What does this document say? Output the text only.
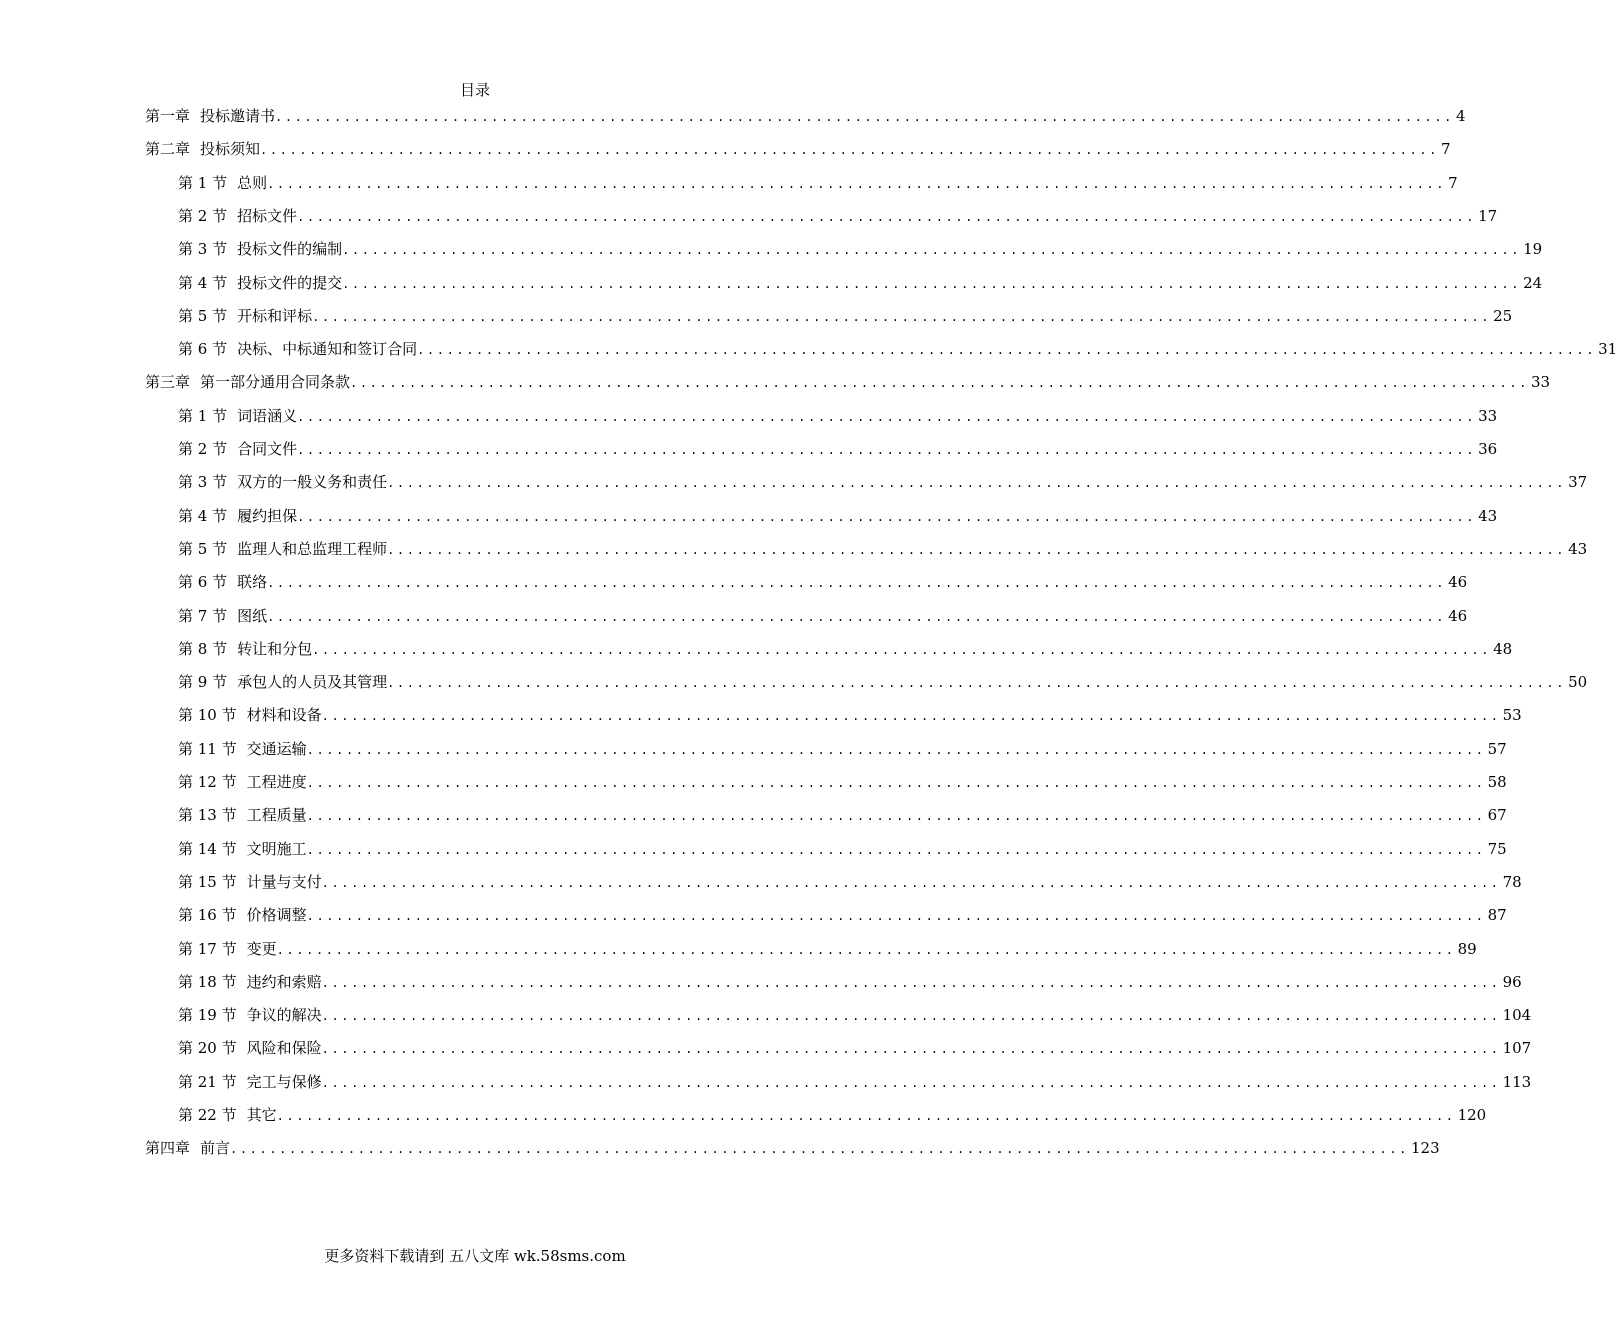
目录
第一章 投标邀请书 ........................................................................................................................ 4
第二章 投标须知 ........................................................................................................................ 7
第 1 节 总则 ........................................................................................................................ 7
第 2 节 招标文件 ........................................................................................................................ 17
第 3 节 投标文件的编制 ........................................................................................................................ 19
第 4 节 投标文件的提交 ........................................................................................................................ 24
第 5 节 开标和评标 ........................................................................................................................ 25
第 6 节 决标、中标通知和签订合同 ........................................................................................................................ 31
第三章 第一部分通用合同条款 ........................................................................................................................ 33
第 1 节 词语涵义 ........................................................................................................................ 33
第 2 节 合同文件 ........................................................................................................................ 36
第 3 节 双方的一般义务和责任 ........................................................................................................................ 37
第 4 节 履约担保 ........................................................................................................................ 43
第 5 节 监理人和总监理工程师 ........................................................................................................................ 43
第 6 节 联络 ........................................................................................................................ 46
第 7 节 图纸 ........................................................................................................................ 46
第 8 节 转让和分包 ........................................................................................................................ 48
第 9 节 承包人的人员及其管理 ........................................................................................................................ 50
第 10 节 材料和设备 ........................................................................................................................ 53
第 11 节 交通运输 ........................................................................................................................ 57
第 12 节 工程进度 ........................................................................................................................ 58
第 13 节 工程质量 ........................................................................................................................ 67
第 14 节 文明施工 ........................................................................................................................ 75
第 15 节 计量与支付 ........................................................................................................................ 78
第 16 节 价格调整 ........................................................................................................................ 87
第 17 节 变更 ........................................................................................................................ 89
第 18 节 违约和索赔 ........................................................................................................................ 96
第 19 节 争议的解决 ........................................................................................................................ 104
第 20 节 风险和保险 ........................................................................................................................ 107
第 21 节 完工与保修 ........................................................................................................................ 113
第 22 节 其它 ........................................................................................................................ 120
第四章 前言 ........................................................................................................................ 123
更多资料下载请到 五八文库 wk.58sms.com
